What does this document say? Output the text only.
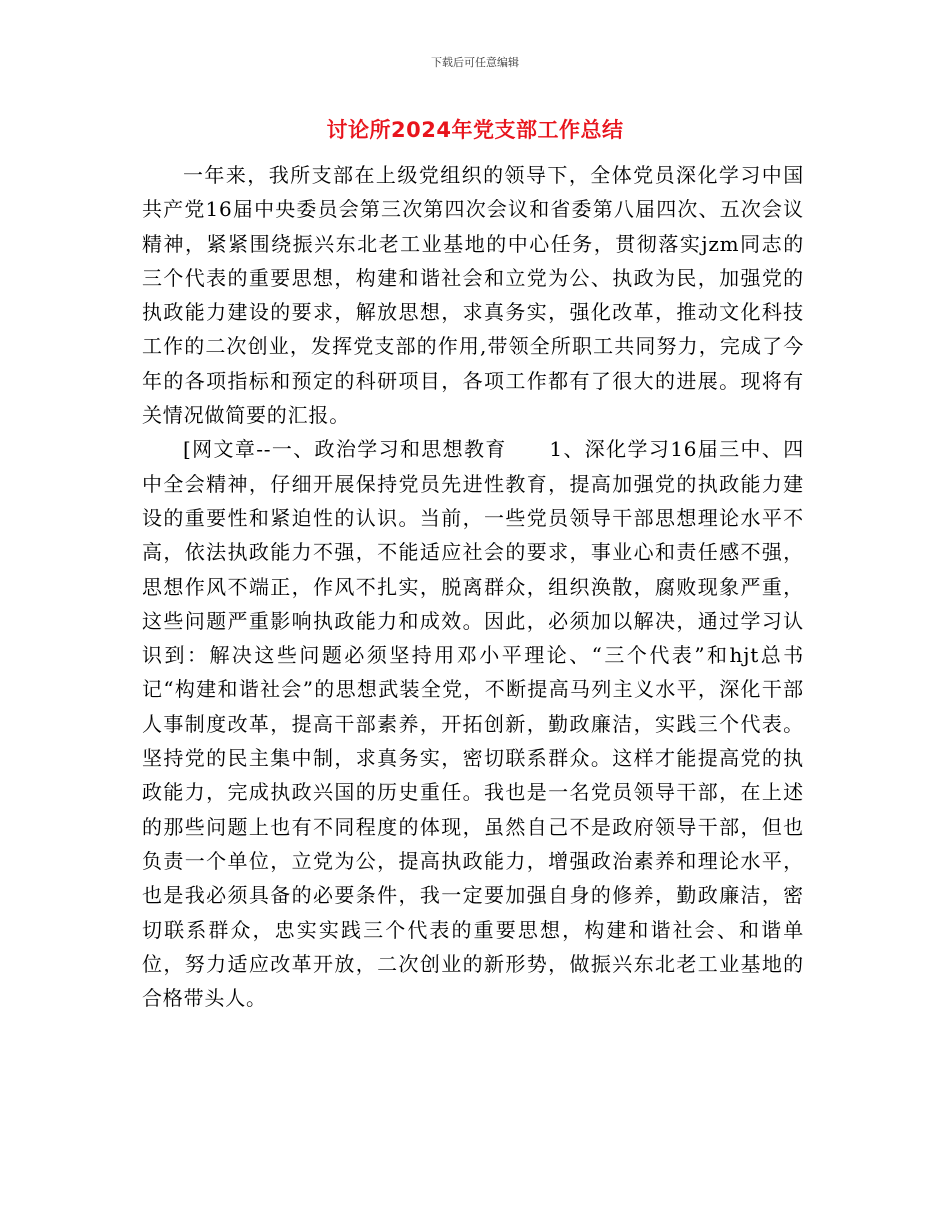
下载后可任意编辑
讨论所2024年党支部工作总结

一年来，我所支部在上级党组织的领导下，全体党员深化学习中国共产党16届中央委员会第三次第四次会议和省委第八届四次、五次会议精神，紧紧围绕振兴东北老工业基地的中心任务，贯彻落实jzm同志的三个代表的重要思想，构建和谐社会和立党为公、执政为民，加强党的执政能力建设的要求，解放思想，求真务实，强化改革，推动文化科技工作的二次创业，发挥党支部的作用,带领全所职工共同努力，完成了今年的各项指标和预定的科研项目，各项工作都有了很大的进展。现将有关情况做简要的汇报。

[网文章--一、政治学习和思想教育　　1、深化学习16届三中、四中全会精神，仔细开展保持党员先进性教育，提高加强党的执政能力建设的重要性和紧迫性的认识。当前，一些党员领导干部思想理论水平不高，依法执政能力不强，不能适应社会的要求，事业心和责任感不强，思想作风不端正，作风不扎实，脱离群众，组织涣散，腐败现象严重，这些问题严重影响执政能力和成效。因此，必须加以解决，通过学习认识到：解决这些问题必须坚持用邓小平理论、“三个代表”和hjt总书记“构建和谐社会”的思想武装全党，不断提高马列主义水平，深化干部人事制度改革，提高干部素养，开拓创新，勤政廉洁，实践三个代表。坚持党的民主集中制，求真务实，密切联系群众。这样才能提高党的执政能力，完成执政兴国的历史重任。我也是一名党员领导干部，在上述的那些问题上也有不同程度的体现，虽然自己不是政府领导干部，但也负责一个单位，立党为公，提高执政能力，增强政治素养和理论水平，也是我必须具备的必要条件，我一定要加强自身的修养，勤政廉洁，密切联系群众，忠实实践三个代表的重要思想，构建和谐社会、和谐单位，努力适应改革开放，二次创业的新形势，做振兴东北老工业基地的合格带头人。
